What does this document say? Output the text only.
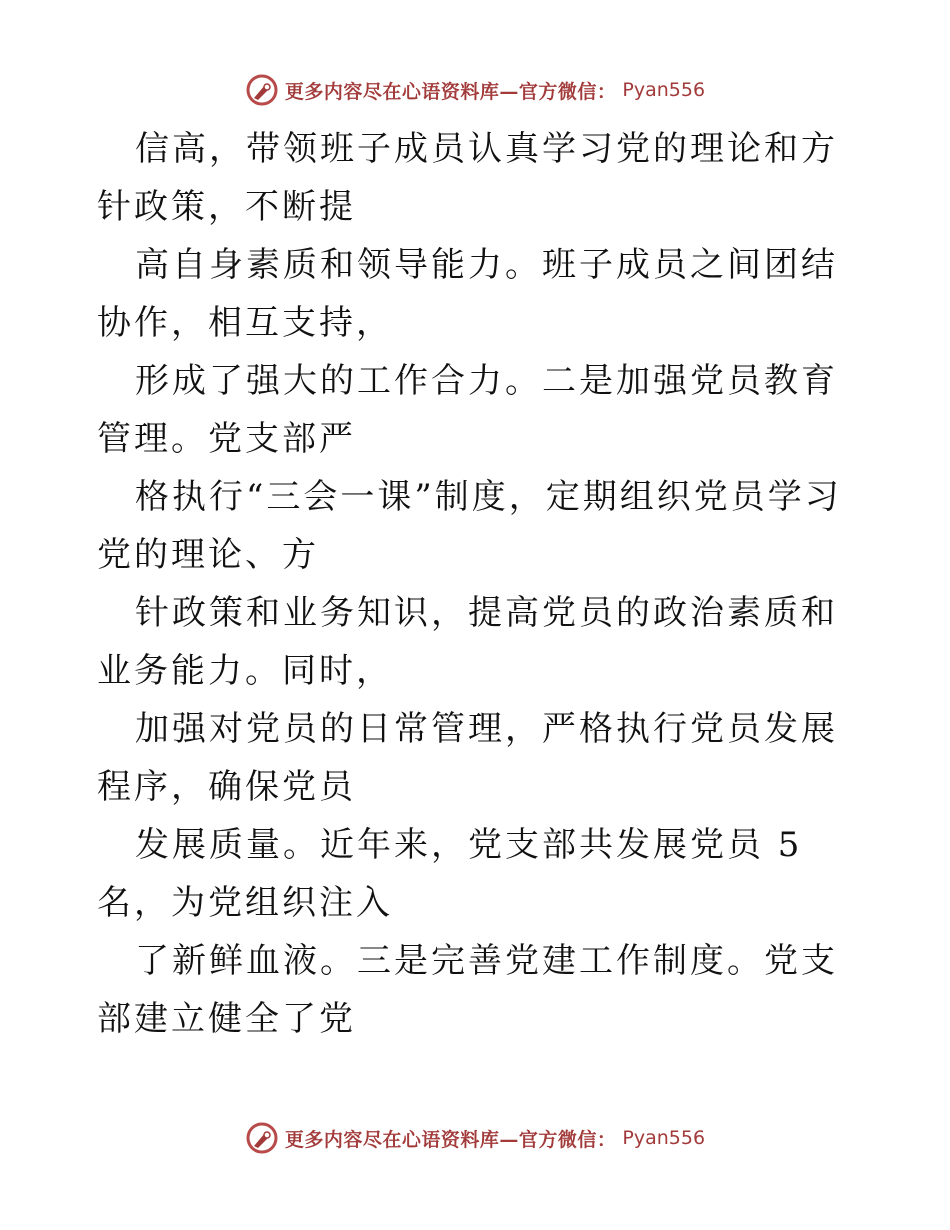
更多内容尽在心语资料库—官方微信： Pyan556

信高，带领班子成员认真学习党的理论和方针政策，不断提

高自身素质和领导能力。班子成员之间团结协作，相互支持，

形成了强大的工作合力。二是加强党员教育管理。党支部严

格执行“三会一课”制度，定期组织党员学习党的理论、方

针政策和业务知识，提高党员的政治素质和业务能力。同时，

加强对党员的日常管理，严格执行党员发展程序，确保党员

发展质量。近年来，党支部共发展党员 5 名，为党组织注入

了新鲜血液。三是完善党建工作制度。党支部建立健全了党

更多内容尽在心语资料库—官方微信： Pyan556
